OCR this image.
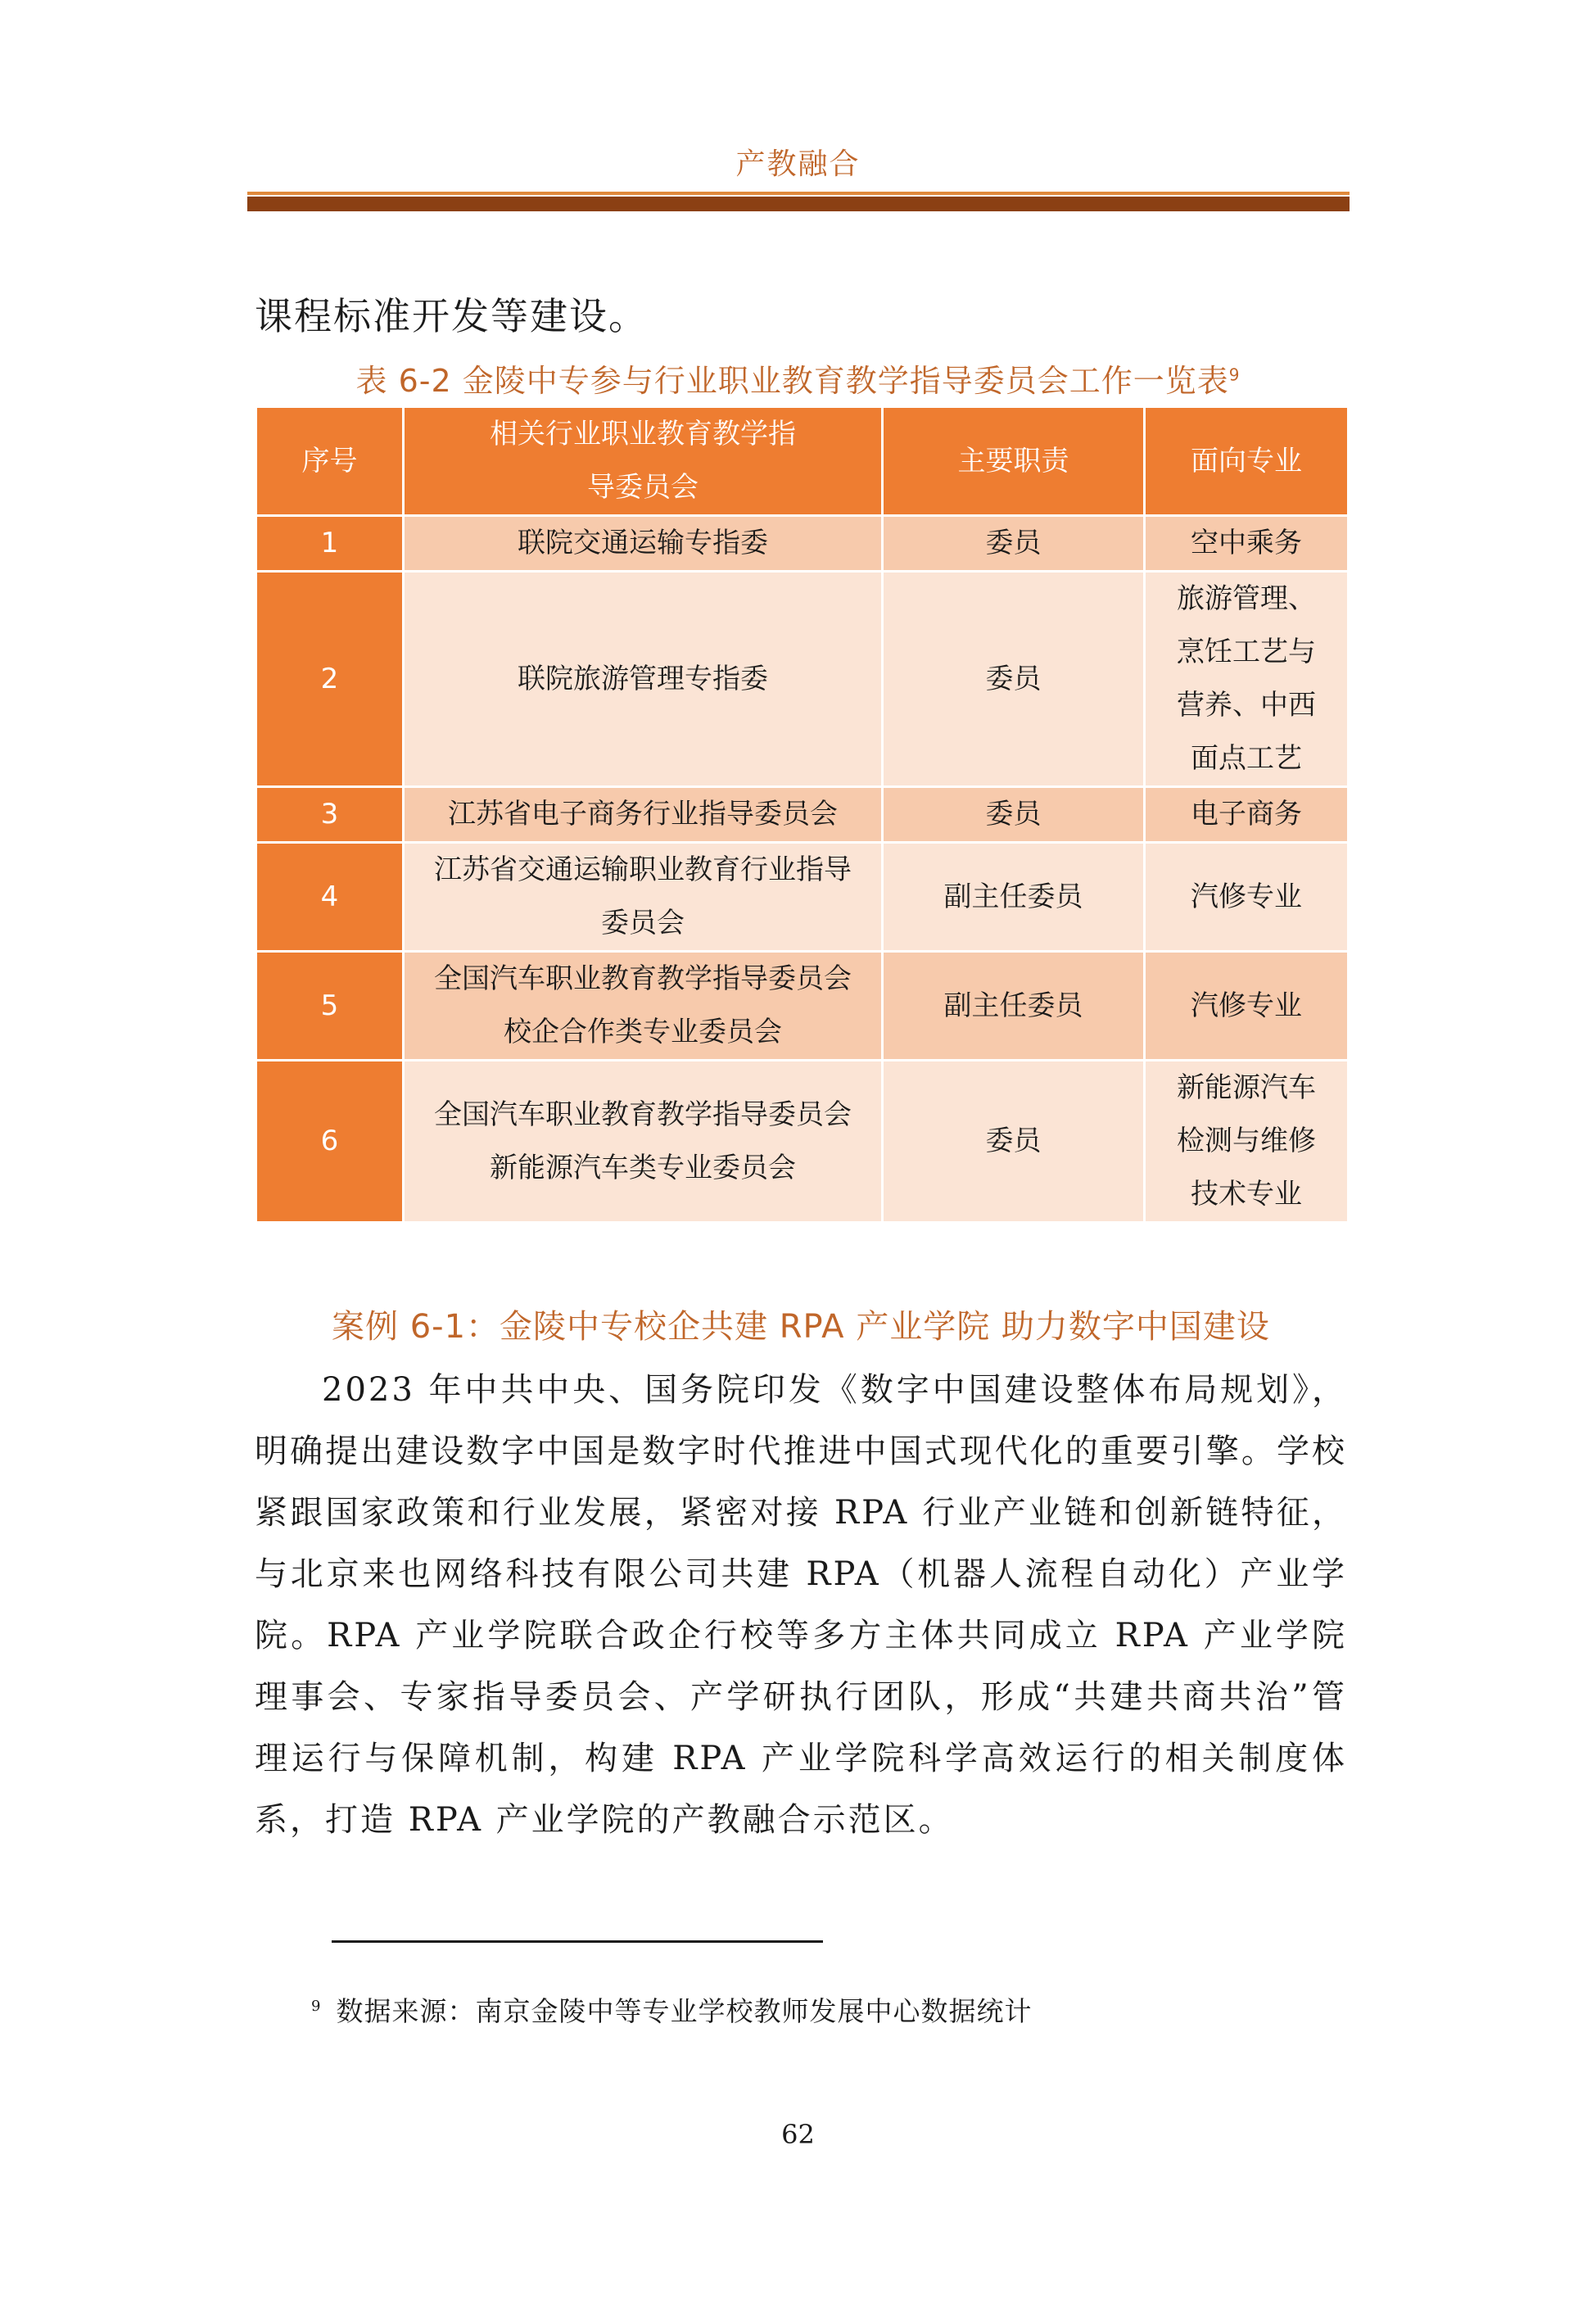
产教融合
课程标准开发等建设。
表 6-2 金陵中专参与行业职业教育教学指导委员会工作一览表$^9$
序号	相关行业职业教育教学指导委员会	主要职责	面向专业
1	联院交通运输专指委	委员	空中乘务
2	联院旅游管理专指委	委员	旅游管理、烹饪工艺与营养、中西面点工艺
3	江苏省电子商务行业指导委员会	委员	电子商务
4	江苏省交通运输职业教育行业指导委员会	副主任委员	汽修专业
5	全国汽车职业教育教学指导委员会校企合作类专业委员会	副主任委员	汽修专业
6	全国汽车职业教育教学指导委员会新能源汽车类专业委员会	委员	新能源汽车检测与维修技术专业
案例 6-1：金陵中专校企共建 RPA 产业学院 助力数字中国建设
2023 年中共中央、国务院印发《数字中国建设整体布局规划》，明确提出建设数字中国是数字时代推进中国式现代化的重要引擎。学校紧跟国家政策和行业发展，紧密对接 RPA 行业产业链和创新链特征，与北京来也网络科技有限公司共建 RPA（机器人流程自动化）产业学院。RPA 产业学院联合政企行校等多方主体共同成立 RPA 产业学院理事会、专家指导委员会、产学研执行团队，形成“共建共商共治”管理运行与保障机制，构建 RPA 产业学院科学高效运行的相关制度体系，打造 RPA 产业学院的产教融合示范区。
$^9$ 数据来源：南京金陵中等专业学校教师发展中心数据统计
62
